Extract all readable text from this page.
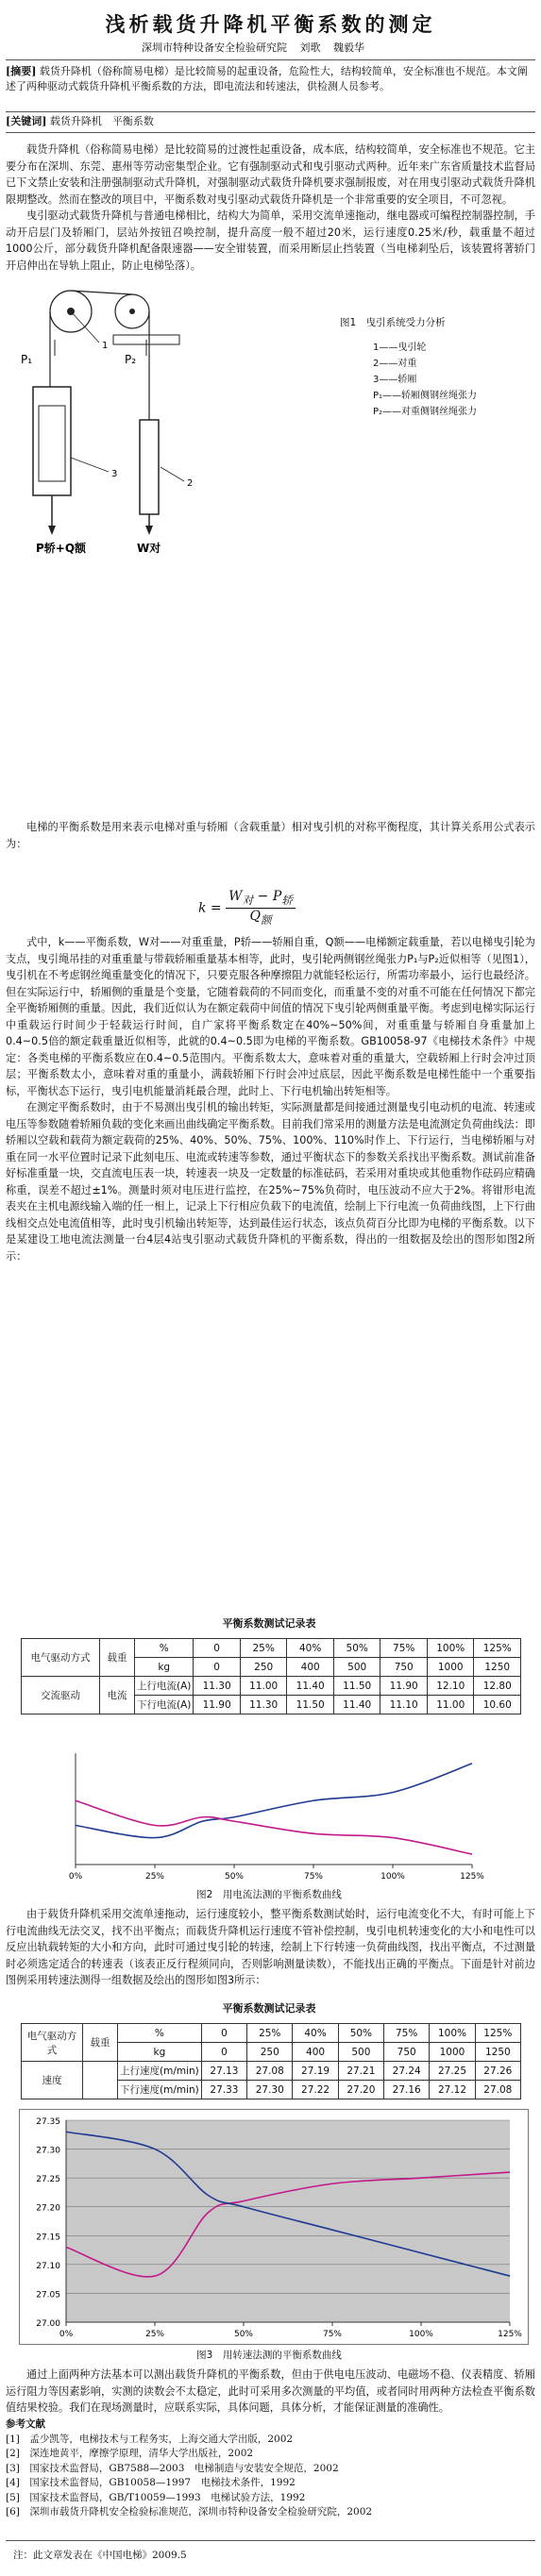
浅析载货升降机平衡系数的测定
深圳市特种设备安全检验研究院 刘歌 魏毅华
[摘要] 载货升降机（俗称简易电梯）是比较简易的起重设备，危险性大，结构较简单，安全标准也不规范。本文阐述了两种驱动式载货升降机平衡系数的方法，即电流法和转速法，供检测人员参考。
[关键词] 载货升降机　平衡系数

载货升降机（俗称简易电梯）是比较简易的过渡性起重设备，成本底，结构较简单，安全标准也不规范。它主要分布在深圳、东莞、惠州等劳动密集型企业。它有强制驱动式和曳引驱动式两种。近年来广东省质量技术监督局已下文禁止安装和注册强制驱动式升降机，对强制驱动式载货升降机要求强制报废，对在用曳引驱动式载货升降机限期整改。然而在整改的项目中，平衡系数对曳引驱动式载货升降机是一个非常重要的安全项目，不可忽视。

曳引驱动式载货升降机与普通电梯相比，结构大为简单，采用交流单速拖动，继电器或可编程控制器控制，手动开启层门及轿厢门，层站外按钮召唤控制，提升高度一般不超过20米，运行速度0.25米/秒，载重量不超过1000公斤，部分载货升降机配备限速器——安全钳装置，而采用断层止挡装置（当电梯剎坠后，该装置将著轿门开启伸出在导轨上阻止，防止电梯坠落）。

P₁	P₂
1
2
3
P轿+Q额	W对
图1　曳引系统受力分析
1——曳引轮
2——对重
3——轿厢
P₁——轿厢侧钢丝绳张力
P₂——对重侧钢丝绳张力

电梯的平衡系数是用来表示电梯对重与轿厢（含载重量）相对曳引机的对称平衡程度，其计算关系用公式表示为：

$k = \frac{W_对 - P_轿}{Q_额}$

式中，k——平衡系数，W对——对重重量，P轿——轿厢自重，Q额——电梯额定载重量，若以电梯曳引轮为支点，曳引绳吊挂的对重重量与带载轿厢重量基本相等，此时，曳引轮两侧钢丝绳张力P₁与P₂近似相等（见图1），曳引机在不考虑钢丝绳重量变化的情况下，只要克服各种摩擦阻力就能轻松运行，所需功率最小，运行也最经济。但在实际运行中，轿厢侧的重量是个变量，它随着载荷的不同而变化，而重量不变的对重不可能在任何情况下都完全平衡轿厢侧的重量。因此，我们近似认为在额定载荷中间值的情况下曳引轮两侧重量平衡。考虑到电梯实际运行中重载运行时间少于轻载运行时间，自广家将平衡系数定在40%~50%间，对重重量与轿厢自身重量加上0.4~0.5倍的额定载重量近似相等，此就的0.4~0.5即为电梯的平衡系数。GB10058-97《电梯技术条件》中规定：各类电梯的平衡系数应在0.4~0.5范围内。平衡系数太大，意味着对重的重量大，空载轿厢上行时会冲过顶层；平衡系数太小，意味着对重的重量小，满载轿厢下行时会冲过底层，因此平衡系数是电梯性能中一个重要指标，平衡状态下运行，曳引电机能量消耗最合理，此时上、下行电机输出转矩相等。

在测定平衡系数时，由于不易测出曳引机的输出转矩，实际测量都是间接通过测量曳引电动机的电流、转速或电压等参数随着轿厢负载的变化来画出曲线确定平衡系数。目前我们常采用的测量方法是电流测定负荷曲线法：即轿厢以空载和载荷为额定载荷的25%、40%、50%、75%、100%、110%时作上、下行运行，当电梯轿厢与对重在同一水平位置时记录下此刻电压、电流或转速等参数，通过平衡状态下的参数关系找出平衡系数。测试前准备好标准重量一块，交直流电压表一块，转速表一块及一定数量的标准砝码，若采用对重块或其他重物作砝码应精确称重，误差不超过±1%。测量时须对电压进行监控，在25%~75%负荷时，电压波动不应大于2%。将钳形电流表夹在主机电源线输入端的任一相上，记录上下行相应负载下的电流值，绘制上下行电流一负荷曲线图，上下行曲线相交点处电流值相等，此时曳引机输出转矩等，达到最佳运行状态，该点负荷百分比即为电梯的平衡系数。以下是某建设工地电流法测量一台4层4站曳引驱动式载货升降机的平衡系数，得出的一组数据及绘出的图形如图2所示：

平衡系数测试记录表
电气驱动方式	载重	%	0	25%	40%	50%	75%	100%	125%
		kg	0	250	400	500	750	1000	1250
交流驱动	电流	上行电流(A)	11.30	11.00	11.40	11.50	11.90	12.10	12.80
		下行电流(A)	11.90	11.30	11.50	11.40	11.10	11.00	10.60
0%	25%	50%	75%	100%	125%
图2　用电流法测的平衡系数曲线

由于载货升降机采用交流单速拖动，运行速度较小，整平衡系数测试始时，运行电流变化不大，有时可能上下行电流曲线无法交叉，找不出平衡点；而载货升降机运行速度不管补偿控制，曳引电机转速变化的大小和电性可以反应出轨载转矩的大小和方向，此时可通过曳引轮的转速，绘制上下行转速一负荷曲线图，找出平衡点，不过测量时必须选定适合的转速表（该表正反行程须同向，否则影响测量读数），不能找出正确的平衡点。下面是针对前边图例采用转速法测得一组数据及绘出的图形如图3所示：

平衡系数测试记录表
电气驱动方式	载重	%	0	25%	40%	50%	75%	100%	125%
		kg	0	250	400	500	750	1000	1250
速度		上行速度(m/min)	27.13	27.08	27.19	27.21	27.24	27.25	27.26
		下行速度(m/min)	27.33	27.30	27.22	27.20	27.16	27.12	27.08
27.00
27.05
27.10
27.15
27.20
27.25
27.30
27.35
0%	25%	50%	75%	100%	125%
图3　用转速法测的平衡系数曲线

通过上面两种方法基本可以测出载货升降机的平衡系数，但由于供电电压波动、电磁场不稳、仪表精度、轿厢运行阻力等因素影响，实测的读数会不太稳定，此时可采用多次测量的平均值，或者同时用两种方法检查平衡系数值结果校验。我们在现场测量时，应联系实际，具体问题，具体分析，才能保证测量的准确性。

参考文献
[1]　孟少凯等，电梯技术与工程务实，上海交通大学出版，2002
[2]　深连地黄平，摩擦学原理，清华大学出版社，2002
[3]　国家技术监督局，GB7588—2003　电梯制造与安装安全规范，2002
[4]　国家技术监督局，GB10058—1997　电梯技术条件，1992
[5]　国家技术监督局，GB/T10059—1993　电梯试验方法，1992
[6]　深圳市载货升降机安全检验标准规范，深圳市特种设备安全检验研究院，2002
注：此文章发表在《中国电梯》2009.5
